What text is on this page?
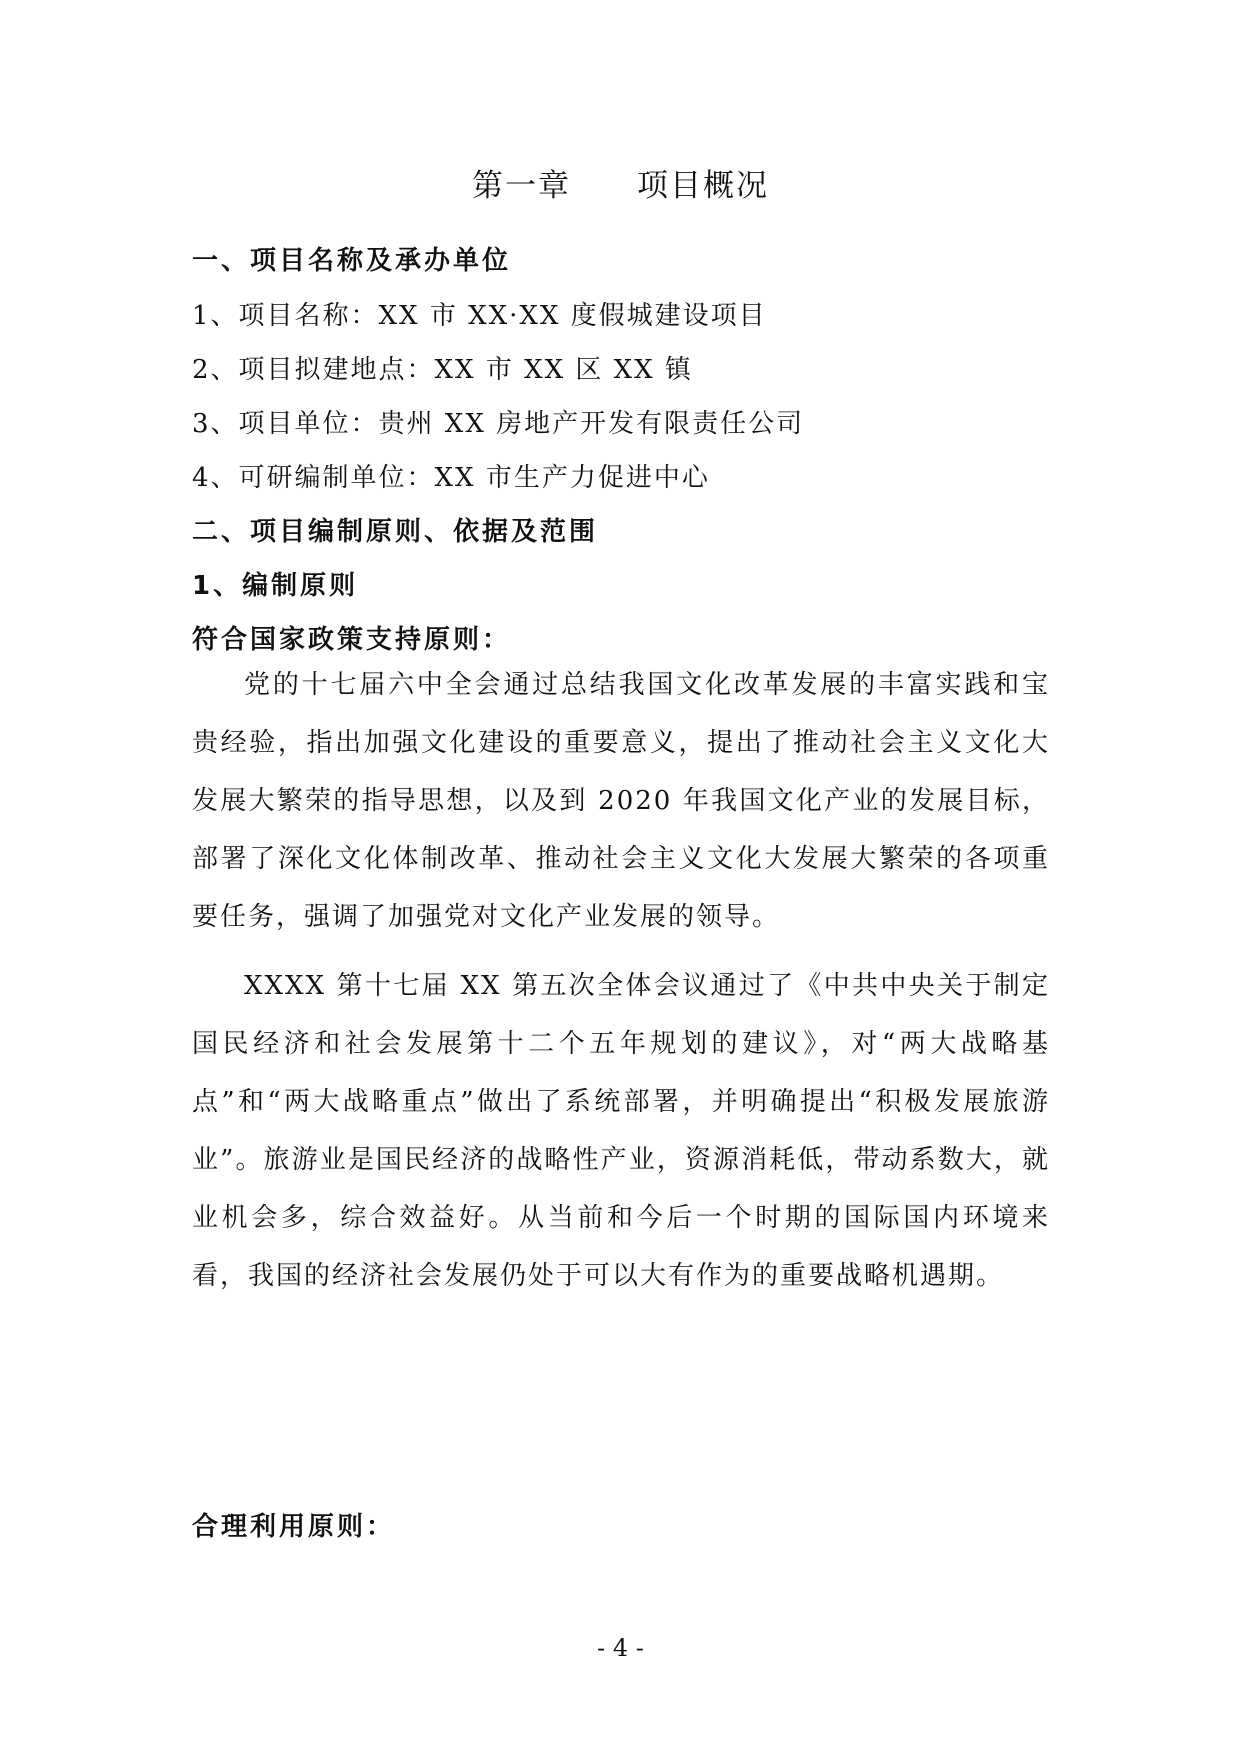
第一章　　项目概况
一、项目名称及承办单位
1、项目名称：XX 市 XX·XX 度假城建设项目
2、项目拟建地点：XX 市 XX 区 XX 镇
3、项目单位：贵州 XX 房地产开发有限责任公司
4、可研编制单位：XX 市生产力促进中心
二、项目编制原则、依据及范围
1、编制原则
符合国家政策支持原则：
党的十七届六中全会通过总结我国文化改革发展的丰富实践和宝贵经验，指出加强文化建设的重要意义，提出了推动社会主义文化大发展大繁荣的指导思想，以及到 2020 年我国文化产业的发展目标，部署了深化文化体制改革、推动社会主义文化大发展大繁荣的各项重要任务，强调了加强党对文化产业发展的领导。
XXXX 第十七届 XX 第五次全体会议通过了《中共中央关于制定国民经济和社会发展第十二个五年规划的建议》，对“两大战略基点”和“两大战略重点”做出了系统部署，并明确提出“积极发展旅游业”。旅游业是国民经济的战略性产业，资源消耗低，带动系数大，就业机会多，综合效益好。从当前和今后一个时期的国际国内环境来看，我国的经济社会发展仍处于可以大有作为的重要战略机遇期。
合理利用原则：
- 4 -
